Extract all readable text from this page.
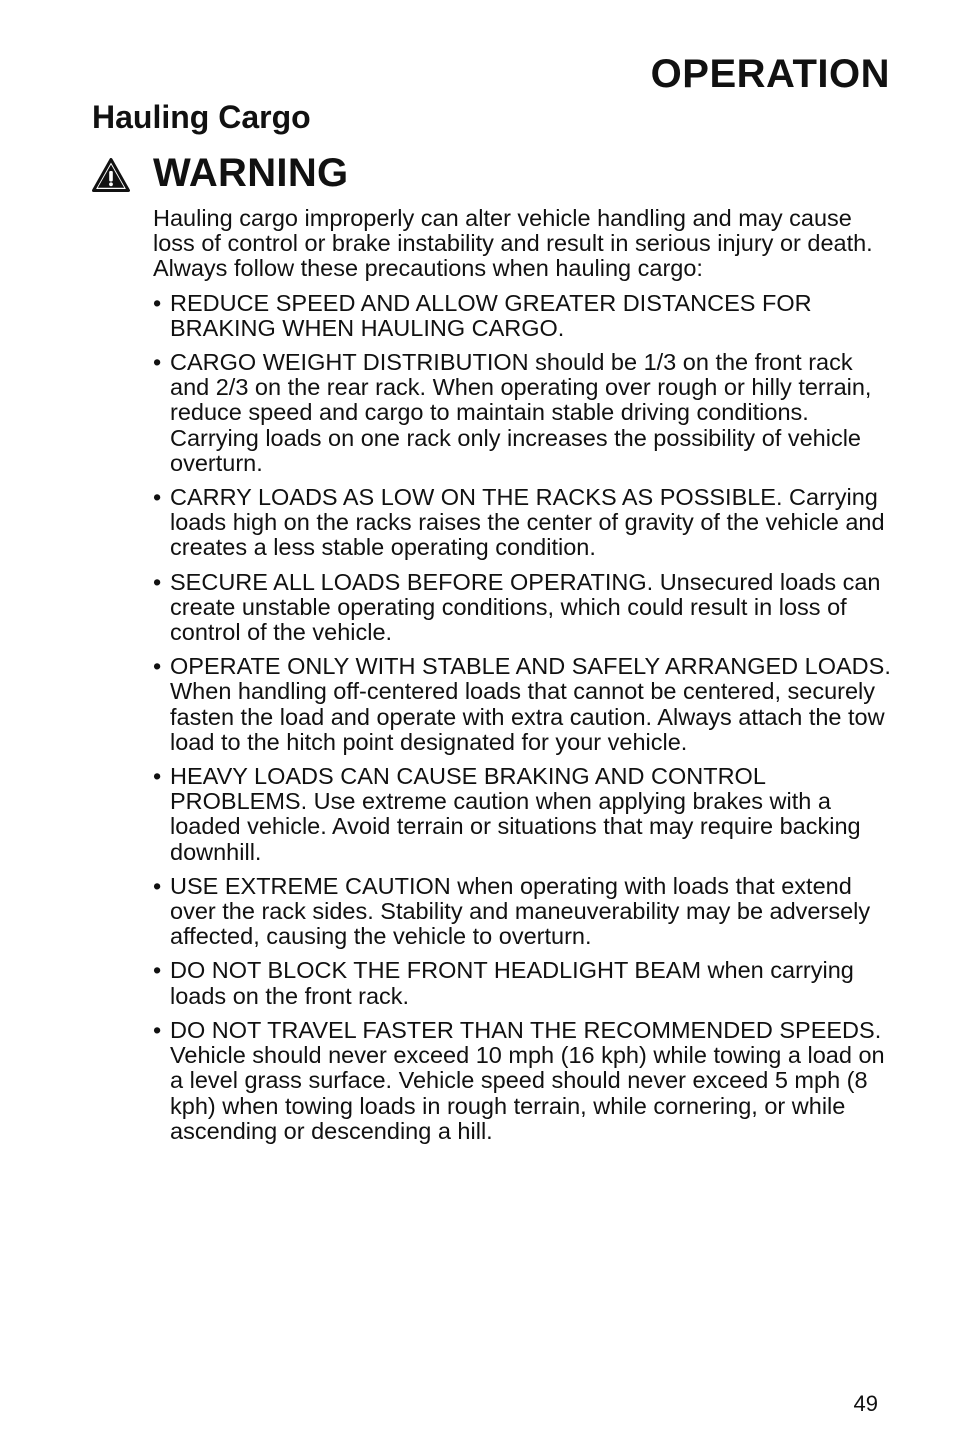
OPERATION
Hauling Cargo
WARNING

Hauling cargo improperly can alter vehicle handling and may cause loss of control or brake instability and result in serious injury or death. Always follow these precautions when hauling cargo:

• REDUCE SPEED AND ALLOW GREATER DISTANCES FOR BRAKING WHEN HAULING CARGO.
• CARGO WEIGHT DISTRIBUTION should be 1/3 on the front rack and 2/3 on the rear rack. When operating over rough or hilly terrain, reduce speed and cargo to maintain stable driving conditions. Carrying loads on one rack only increases the possibility of vehicle overturn.
• CARRY LOADS AS LOW ON THE RACKS AS POSSIBLE. Carrying loads high on the racks raises the center of gravity of the vehicle and creates a less stable operating condition.
• SECURE ALL LOADS BEFORE OPERATING. Unsecured loads can create unstable operating conditions, which could result in loss of control of the vehicle.
• OPERATE ONLY WITH STABLE AND SAFELY ARRANGED LOADS. When handling off-centered loads that cannot be centered, securely fasten the load and operate with extra caution. Always attach the tow load to the hitch point designated for your vehicle.
• HEAVY LOADS CAN CAUSE BRAKING AND CONTROL PROBLEMS. Use extreme caution when applying brakes with a loaded vehicle. Avoid terrain or situations that may require backing downhill.
• USE EXTREME CAUTION when operating with loads that extend over the rack sides. Stability and maneuverability may be adversely affected, causing the vehicle to overturn.
• DO NOT BLOCK THE FRONT HEADLIGHT BEAM when carrying loads on the front rack.
• DO NOT TRAVEL FASTER THAN THE RECOMMENDED SPEEDS. Vehicle should never exceed 10 mph (16 kph) while towing a load on a level grass surface. Vehicle speed should never exceed 5 mph (8 kph) when towing loads in rough terrain, while cornering, or while ascending or descending a hill.
49
